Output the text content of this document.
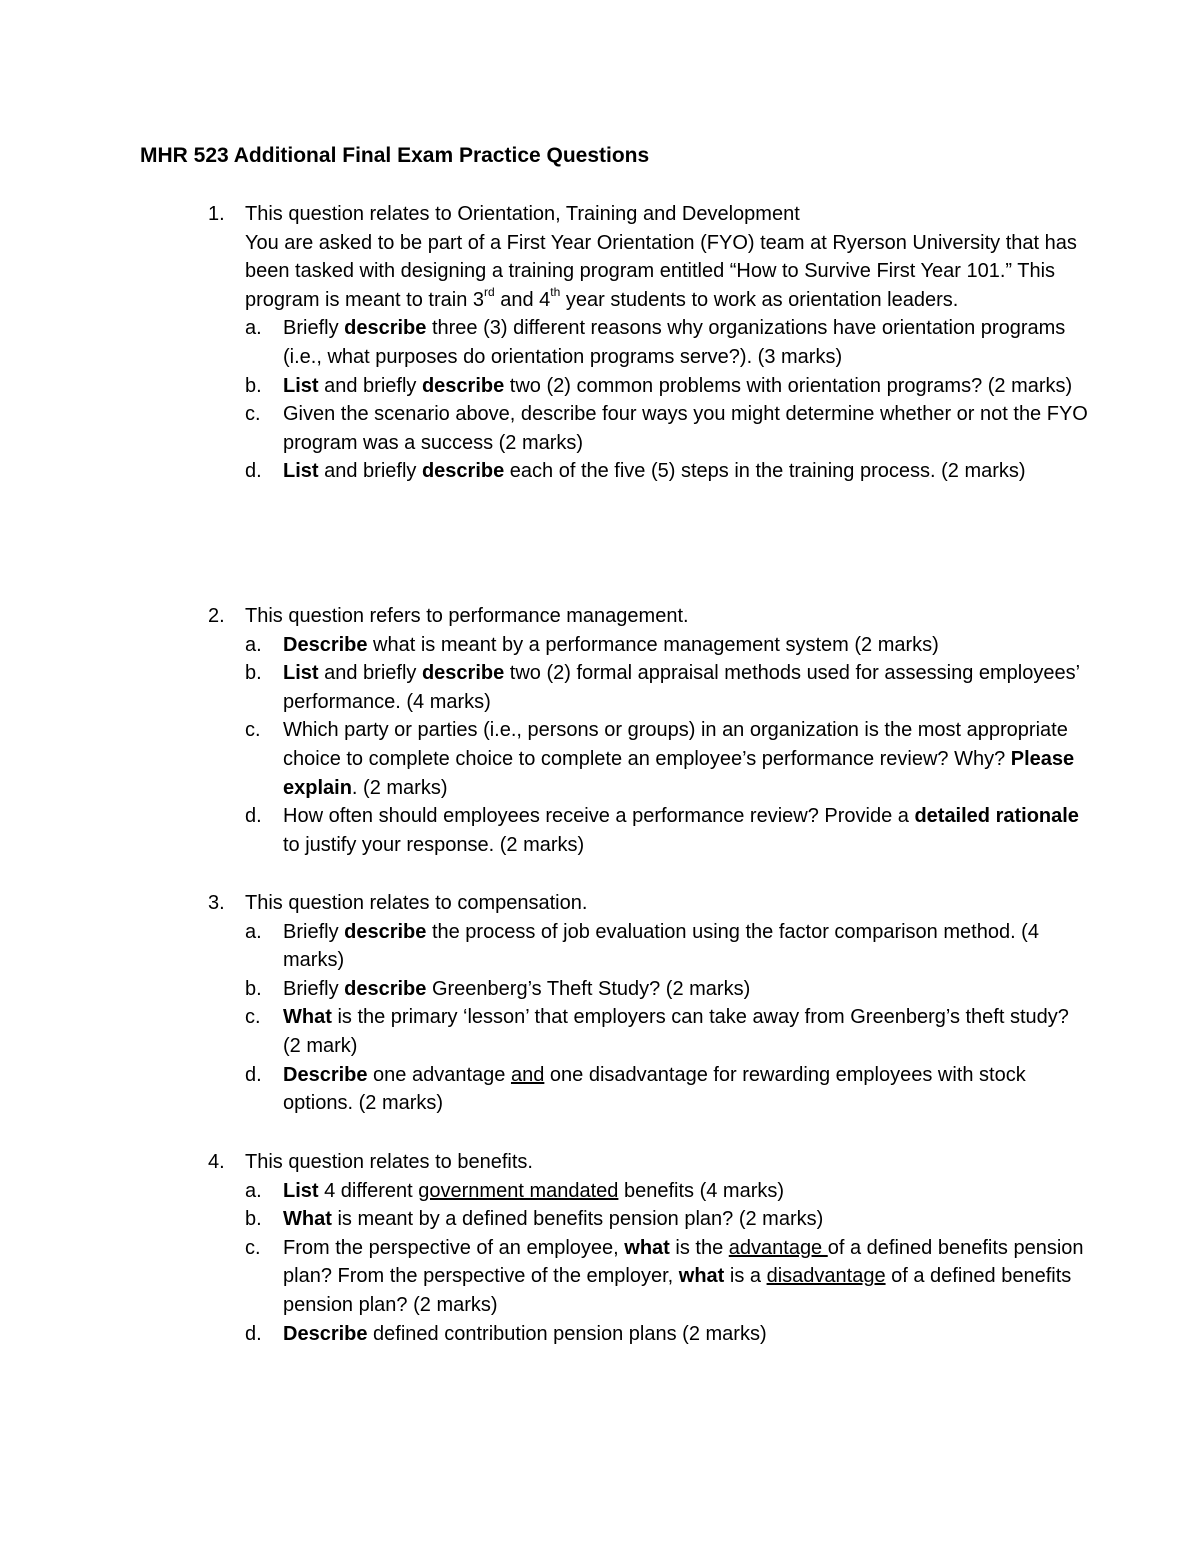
MHR 523 Additional Final Exam Practice Questions
1.	This question relates to Orientation, Training and Development

You are asked to be part of a First Year Orientation (FYO) team at Ryerson University that has been tasked with designing a training program entitled “How to Survive First Year 101.” This program is meant to train 3rd and 4th year students to work as orientation leaders.

a.	Briefly describe three (3) different reasons why organizations have orientation programs (i.e., what purposes do orientation programs serve?). (3 marks)

b.	List and briefly describe two (2) common problems with orientation programs? (2 marks)

c.	Given the scenario above, describe four ways you might determine whether or not the FYO program was a success (2 marks)

d.	List and briefly describe each of the five (5) steps in the training process. (2 marks)

2.	This question refers to performance management.

a.	Describe what is meant by a performance management system (2 marks)

b.	List and briefly describe two (2) formal appraisal methods used for assessing employees’ performance. (4 marks)

c.	Which party or parties (i.e., persons or groups) in an organization is the most appropriate choice to complete choice to complete an employee’s performance review? Why? Please explain. (2 marks)

d.	How often should employees receive a performance review? Provide a detailed rationale to justify your response. (2 marks)

3.	This question relates to compensation.

a.	Briefly describe the process of job evaluation using the factor comparison method. (4 marks)

b.	Briefly describe Greenberg’s Theft Study? (2 marks)

c.	What is the primary ‘lesson’ that employers can take away from Greenberg’s theft study? (2 mark)

d.	Describe one advantage and one disadvantage for rewarding employees with stock options. (2 marks)

4.	This question relates to benefits.

a.	List 4 different government mandated benefits (4 marks)

b.	What is meant by a defined benefits pension plan? (2 marks)

c.	From the perspective of an employee, what is the advantage of a defined benefits pension plan? From the perspective of the employer, what is a disadvantage of a defined benefits pension plan? (2 marks)

d.	Describe defined contribution pension plans (2 marks)
